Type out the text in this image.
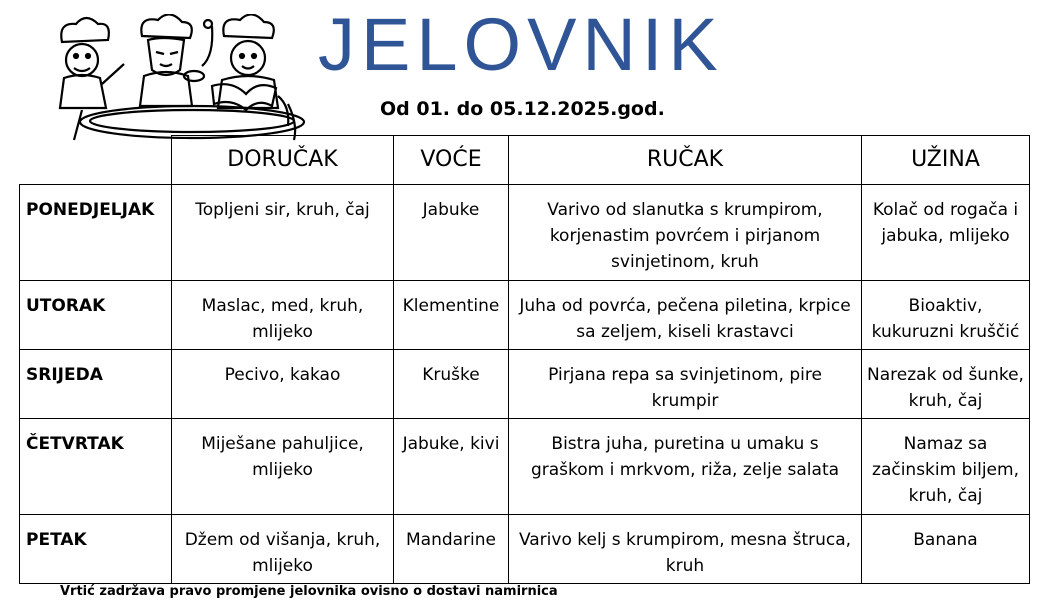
JELOVNIK
Od 01. do 05.12.2025.god.
	DORUČAK	VOĆE	RUČAK	UŽINA
PONEDJELJAK	Topljeni sir, kruh, čaj	Jabuke	Varivo od slanutka s krumpirom, korjenastim povrćem i pirjanom svinjetinom, kruh	Kolač od rogača i jabuka, mlijeko
UTORAK	Maslac, med, kruh, mlijeko	Klementine	Juha od povrća, pečena piletina, krpice sa zeljem, kiseli krastavci	Bioaktiv, kukuruzni kruščić
SRIJEDA	Pecivo, kakao	Kruške	Pirjana repa sa svinjetinom, pire krumpir	Narezak od šunke, kruh, čaj
ČETVRTAK	Miješane pahuljice, mlijeko	Jabuke, kivi	Bistra juha, puretina u umaku s graškom i mrkvom, riža, zelje salata	Namaz sa začinskim biljem, kruh, čaj
PETAK	Džem od višanja, kruh, mlijeko	Mandarine	Varivo kelj s krumpirom, mesna štruca, kruh	Banana
Vrtić zadržava pravo promjene jelovnika ovisno o dostavi namirnica
